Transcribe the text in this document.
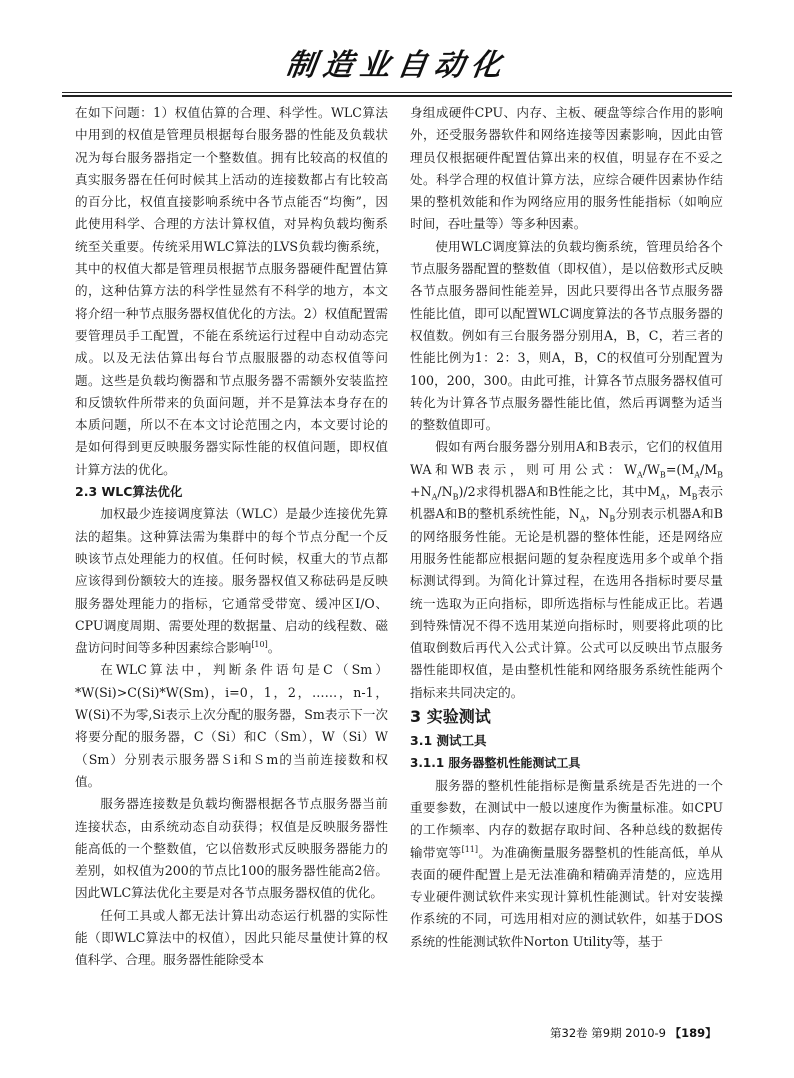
制造业自动化

在如下问题：1）权值估算的合理、科学性。WLC算法中用到的权值是管理员根据每台服务器的性能及负载状况为每台服务器指定一个整数值。拥有比较高的权值的真实服务器在任何时候其上活动的连接数都占有比较高的百分比，权值直接影响系统中各节点能否“均衡”，因此使用科学、合理的方法计算权值，对异构负载均衡系统至关重要。传统采用WLC算法的LVS负载均衡系统，其中的权值大都是管理员根据节点服务器硬件配置估算的，这种估算方法的科学性显然有不科学的地方，本文将介绍一种节点服务器权值优化的方法。2）权值配置需要管理员手工配置，不能在系统运行过程中自动动态完成。以及无法估算出每台节点服服器的动态权值等问题。这些是负载均衡器和节点服务器不需额外安装监控和反馈软件所带来的负面问题，并不是算法本身存在的本质问题，所以不在本文讨论范围之内，本文要讨论的是如何得到更反映服务器实际性能的权值问题，即权值计算方法的优化。

2.3 WLC算法优化

加权最少连接调度算法（WLC）是最少连接优先算法的超集。这种算法需为集群中的每个节点分配一个反映该节点处理能力的权值。任何时候，权重大的节点都应该得到份额较大的连接。服务器权值又称砝码是反映服务器处理能力的指标，它通常受带宽、缓冲区I/O、CPU调度周期、需要处理的数据量、启动的线程数、磁盘访问时间等多种因素综合影响[10]。

在WLC算法中，判断条件语句是C（Sm）*W(Si)>C(Si)*W(Sm)，i=0，1，2，……，n-1，W(Si)不为零,Si表示上次分配的服务器，Sm表示下一次将要分配的服务器，C（Si）和C（Sm），W（Si）W（Sm）分别表示服务器Ｓi和Ｓm的当前连接数和权值。

服务器连接数是负载均衡器根据各节点服务器当前连接状态，由系统动态自动获得；权值是反映服务器性能高低的一个整数值，它以倍数形式反映服务器能力的差别，如权值为200的节点比100的服务器性能高2倍。因此WLC算法优化主要是对各节点服务器权值的优化。

任何工具或人都无法计算出动态运行机器的实际性能（即WLC算法中的权值），因此只能尽量使计算的权值科学、合理。服务器性能除受本

身组成硬件CPU、内存、主板、硬盘等综合作用的影响外，还受服务器软件和网络连接等因素影响，因此由管理员仅根据硬件配置估算出来的权值，明显存在不妥之处。科学合理的权值计算方法，应综合硬件因素协作结果的整机效能和作为网络应用的服务性能指标（如响应时间，吞吐量等）等多种因素。

使用WLC调度算法的负载均衡系统，管理员给各个节点服务器配置的整数值（即权值），是以倍数形式反映各节点服务器间性能差异，因此只要得出各节点服务器性能比值，即可以配置WLC调度算法的各节点服务器的权值数。例如有三台服务器分别用A，B，C，若三者的性能比例为1：2：3，则A，B，C的权值可分别配置为100，200，300。由此可推，计算各节点服务器权值可转化为计算各节点服务器性能比值，然后再调整为适当的整数值即可。

假如有两台服务器分别用A和B表示，它们的权值用WA和WB表示，则可用公式：$W_A/W_B=(M_A/M_B +N_A/N_B)/2$求得机器A和B性能之比，其中$M_A$，$M_B$表示机器A和B的整机系统性能，$N_A$，$N_B$分别表示机器A和B的网络服务性能。无论是机器的整体性能，还是网络应用服务性能都应根据问题的复杂程度选用多个或单个指标测试得到。为简化计算过程，在选用各指标时要尽量统一选取为正向指标，即所选指标与性能成正比。若遇到特殊情况不得不选用某逆向指标时，则要将此项的比值取倒数后再代入公式计算。公式可以反映出节点服务器性能即权值，是由整机性能和网络服务系统性能两个指标来共同决定的。

3 实验测试

3.1 测试工具

3.1.1 服务器整机性能测试工具

服务器的整机性能指标是衡量系统是否先进的一个重要参数，在测试中一般以速度作为衡量标准。如CPU的工作频率、内存的数据存取时间、各种总线的数据传输带宽等[11]。为准确衡量服务器整机的性能高低，单从表面的硬件配置上是无法准确和精确弄清楚的，应选用专业硬件测试软件来实现计算机性能测试。针对安装操作系统的不同，可选用相对应的测试软件，如基于DOS系统的性能测试软件Norton Utility等，基于

第32卷 第9期 2010-9 【189】
